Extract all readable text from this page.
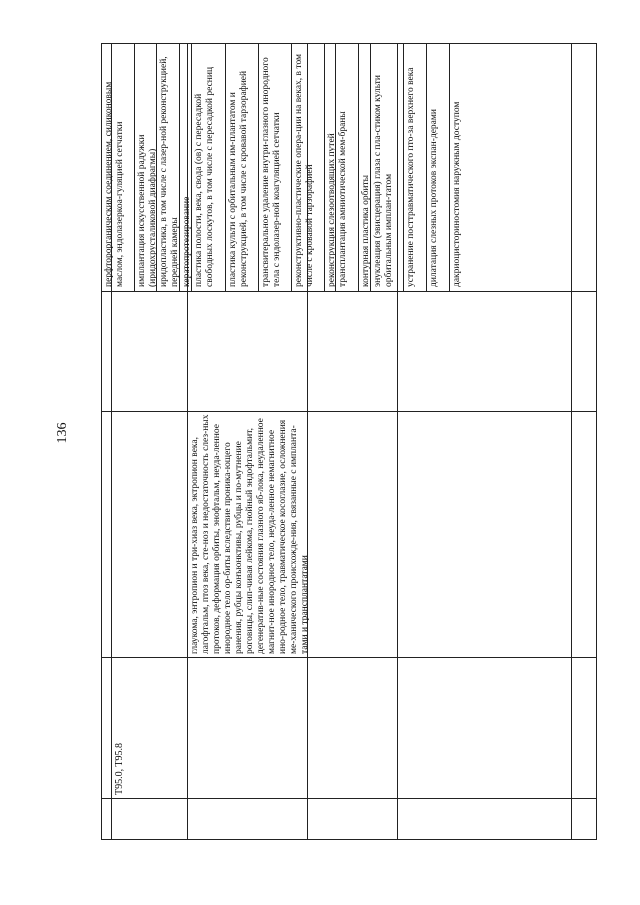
136
T95.0, T95.8
глаукома, энтропион и три-хиаз века, эктропион века, лагофтальм, птоз века, сте-ноз и недостаточность слез-ных протоков, деформация орбиты, энофтальм, неуда-ленное инородное тело ор-биты вследствие проника-ющего ранения, рубцы конъюнктивы, рубцы и по-мутнение роговицы, слип-чивая лейкома, гнойный эндофтальмит, дегенератив-ные состояния глазного яб-лока, неудаленное магнит-ное инородное тело, неуда-ленное немагнитное ино-родное тело, травматическое косоглазие, осложнения ме-ханического происхожде-ния, связанные с импланта-тами и трансплантатами
перфторорганическим соединением, силиконовым маслом, эндолазеркоа-гуляцией сетчатки имплантация искусственной радужки (иридохрусталиковой диафрагмы) иридопластика, в том числе с лазер-ной реконструкцией, передней камеры кератопротезирование пластика полости, века, свода (ов) с пересадкой свободных лоскутов, в том числе с пересадкой ресниц пластика культи с орбитальным им-плантатом и реконструкцией, в том числе с кровавой тарзорафией трансвитеральное удаление внутри-глазного инородного тела с эндолазер-ной коагуляцией сетчатки реконструктивно-пластические опера-ции на веках, в том числе с кровавой тарзорафией реконструкция слезоотводящих путей трансплантация амниотической мем-браны контурная пластика орбиты энуклеация (эвисцерация) глаза с пла-стиком культи орбитальным имплан-татом устранение посттравматического пто-за верхнего века дилатация слезных протоков экспан-дерами дакриоцисториностомия наружным доступом
